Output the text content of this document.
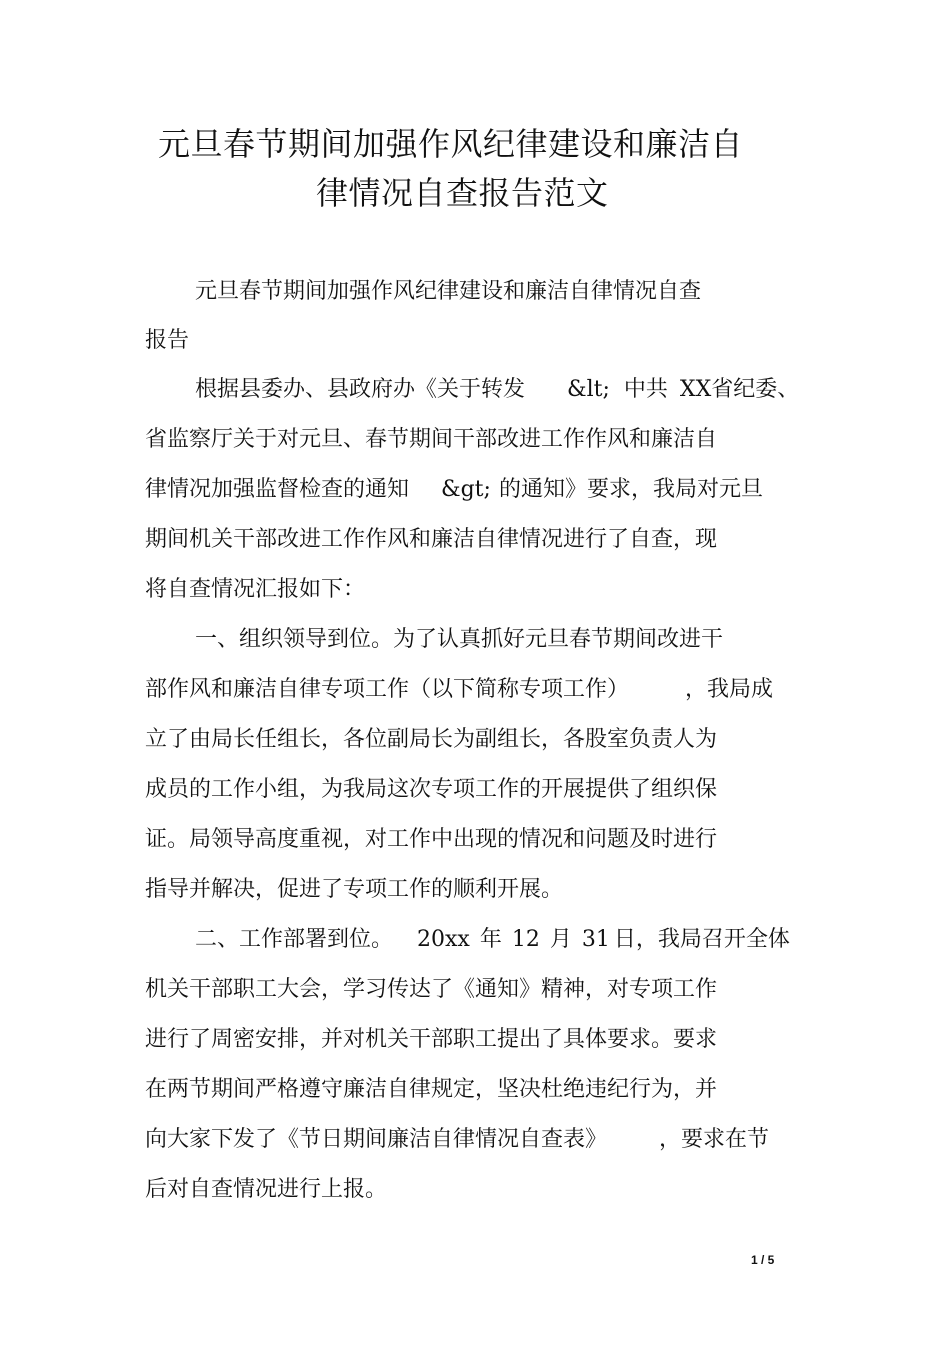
元旦春节期间加强作风纪律建设和廉洁自
律情况自查报告范文
元旦春节期间加强作风纪律建设和廉洁自律情况自查
报告
根据县委办、县政府办《关于转发 &lt; 中共 XX省纪委、
省监察厅关于对元旦、春节期间干部改进工作作风和廉洁自
律情况加强监督检查的通知 &gt; 的通知》要求，我局对元旦
期间机关干部改进工作作风和廉洁自律情况进行了自查，现
将自查情况汇报如下：
一、组织领导到位。为了认真抓好元旦春节期间改进干
部作风和廉洁自律专项工作（以下简称专项工作）	，我局成
立了由局长任组长，各位副局长为副组长，各股室负责人为
成员的工作小组，为我局这次专项工作的开展提供了组织保
证。局领导高度重视，对工作中出现的情况和问题及时进行
指导并解决，促进了专项工作的顺利开展。
二、工作部署到位。 20xx 年 12 月 31 日，我局召开全体
机关干部职工大会，学习传达了《通知》精神，对专项工作
进行了周密安排，并对机关干部职工提出了具体要求。要求
在两节期间严格遵守廉洁自律规定，坚决杜绝违纪行为，并
向大家下发了《节日期间廉洁自律情况自查表》 ，要求在节
后对自查情况进行上报。
1 / 5
